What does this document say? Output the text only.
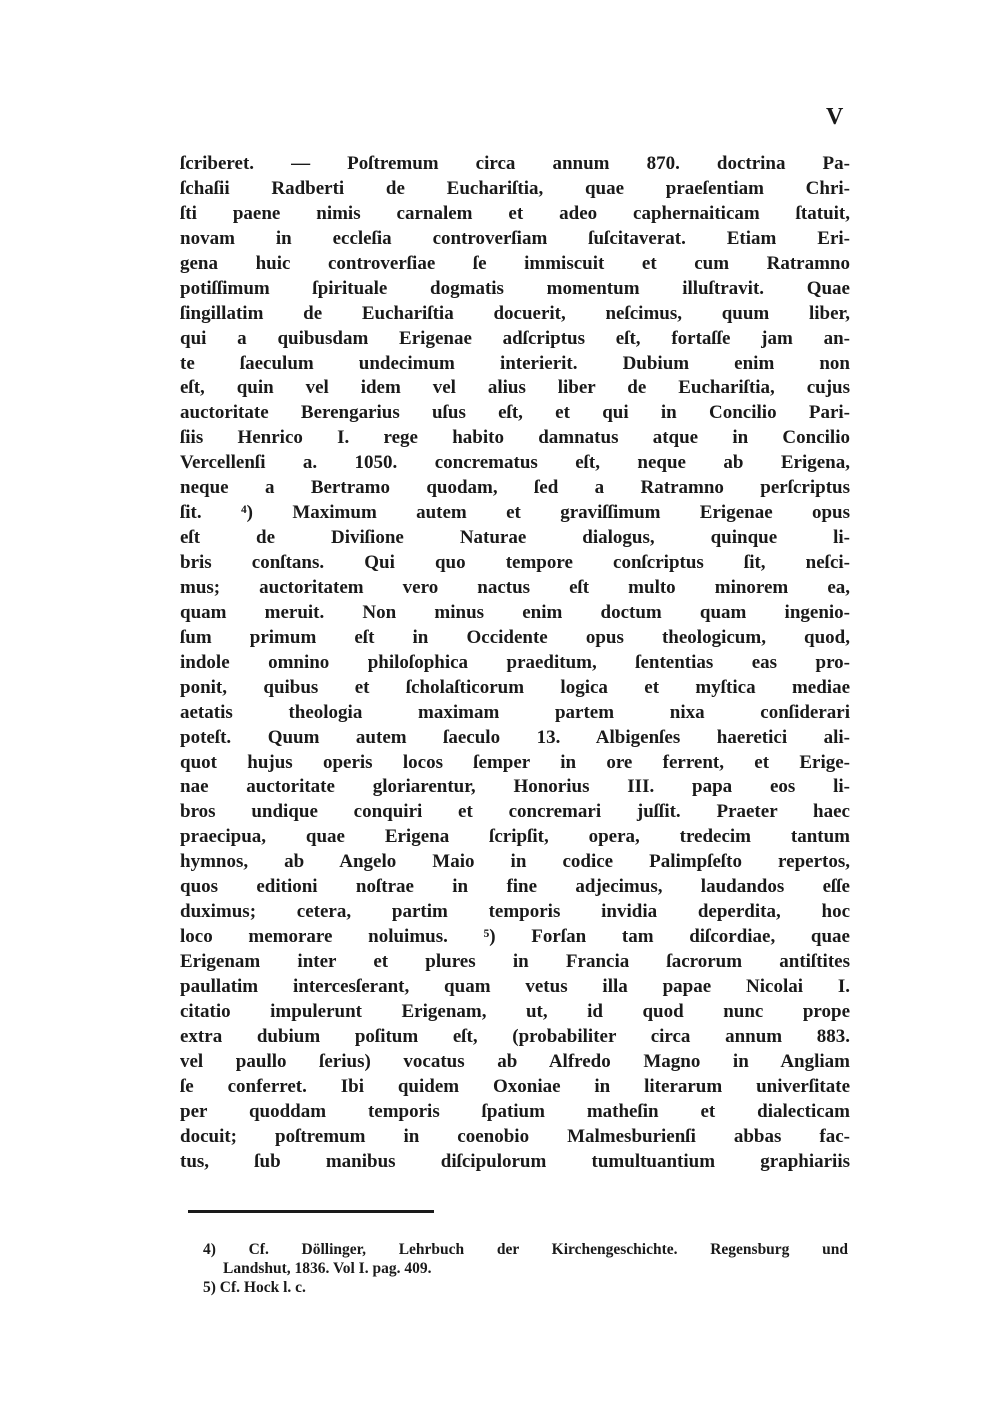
V
ſcriberet. — Poſtremum circa annum 870. doctrina Pa-
ſchaſii Radberti de Euchariſtia, quae praeſentiam Chri-
ſti paene nimis carnalem et adeo caphernaiticam ſtatuit,
novam in eccleſia controverſiam ſuſcitaverat. Etiam Eri-
gena huic controverſiae ſe immiscuit et cum Ratramno
potiſſimum ſpirituale dogmatis momentum illuſtravit. Quae
ſingillatim de Euchariſtia docuerit, neſcimus, quum liber,
qui a quibusdam Erigenae adſcriptus eſt, fortaſſe jam an-
te ſaeculum undecimum interierit. Dubium enim non
eſt, quin vel idem vel alius liber de Euchariſtia, cujus
auctoritate Berengarius uſus eſt, et qui in Concilio Pari-
ſiis Henrico I. rege habito damnatus atque in Concilio
Vercellenſi a. 1050. concrematus eſt, neque ab Erigena,
neque a Bertramo quodam, ſed a Ratramno perſcriptus
ſit. ⁴) Maximum autem et graviſſimum Erigenae opus
eſt de Diviſione Naturae dialogus, quinque li-
bris conſtans. Qui quo tempore conſcriptus ſit, neſci-
mus; auctoritatem vero nactus eſt multo minorem ea,
quam meruit. Non minus enim doctum quam ingenio-
ſum primum eſt in Occidente opus theologicum, quod,
indole omnino philoſophica praeditum, ſententias eas pro-
ponit, quibus et ſcholaſticorum logica et myſtica mediae
aetatis theologia maximam partem nixa conſiderari
poteſt. Quum autem ſaeculo 13. Albigenſes haeretici ali-
quot hujus operis locos ſemper in ore ferrent, et Erige-
nae auctoritate gloriarentur, Honorius III. papa eos li-
bros undique conquiri et concremari juſſit. Praeter haec
praecipua, quae Erigena ſcripſit, opera, tredecim tantum
hymnos, ab Angelo Maio in codice Palimpſeſto repertos,
quos editioni noſtrae in fine adjecimus, laudandos eſſe
duximus; cetera, partim temporis invidia deperdita, hoc
loco memorare noluimus. ⁵) Forſan tam diſcordiae, quae
Erigenam inter et plures in Francia ſacrorum antiſtites
paullatim intercesſerant, quam vetus illa papae Nicolai I.
citatio impulerunt Erigenam, ut, id quod nunc prope
extra dubium poſitum eſt, (probabiliter circa annum 883.
vel paullo ſerius) vocatus ab Alfredo Magno in Angliam
ſe conferret. Ibi quidem Oxoniae in literarum univerſitate
per quoddam temporis ſpatium matheſin et dialecticam
docuit; poſtremum in coenobio Malmesburienſi abbas fac-
tus, ſub manibus diſcipulorum tumultuantium graphiariis
4) Cf. Döllinger, Lehrbuch der Kirchengeschichte. Regensburg und
Landshut, 1836. Vol I. pag. 409.
5) Cf. Hock l. c.
